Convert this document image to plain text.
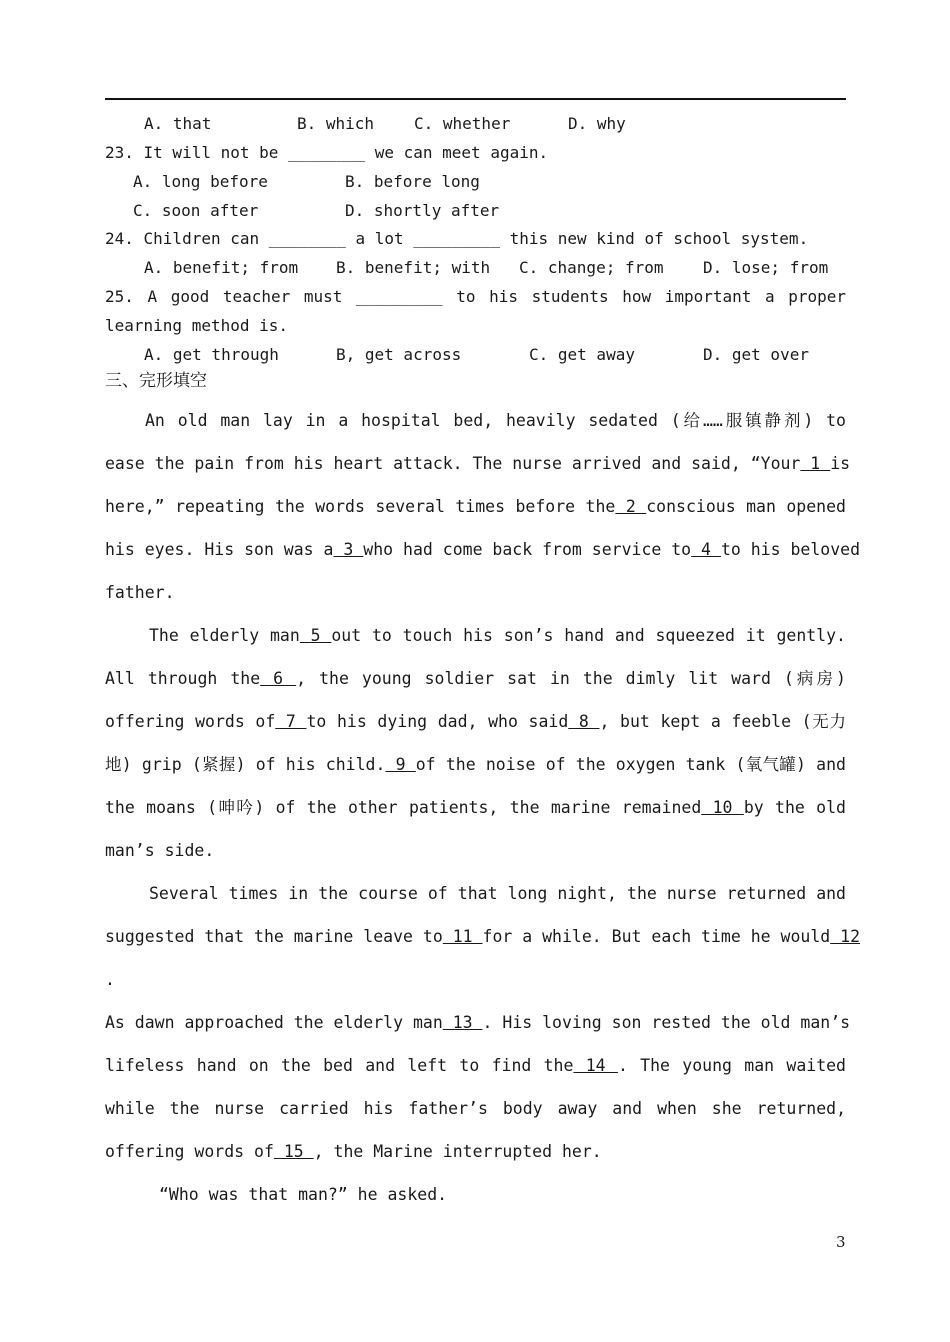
A. that	B. which C. whether	D. why
23. It will not be ________ we can meet again.
A. long before	B. before long
C. soon after	D. shortly after
24. Children can ________ a lot _________ this new kind of school system.
A. benefit; from B. benefit; with C. change; from D. lose; from
25. A good teacher must _________ to his students how important a proper
learning method is.
A. get through	B, get across	C. get away	D. get over
三、完形填空
An old man lay in a hospital bed, heavily sedated (给……服镇静剂) to
ease the pain from his heart attack. The nurse arrived and said, “Your 1 is
here,” repeating the words several times before the 2 conscious man opened
his eyes. His son was a 3 who had come back from service to 4 to his beloved
father.
The elderly man 5 out to touch his son’s hand and squeezed it gently.
All through the 6 , the young soldier sat in the dimly lit ward (病房)
offering words of 7 to his dying dad, who said 8 , but kept a feeble (无力
地) grip (紧握) of his child. 9 of the noise of the oxygen tank (氧气罐) and
the moans (呻吟) of the other patients, the marine remained 10 by the old
man’s side.
Several times in the course of that long night, the nurse returned and
suggested that the marine leave to 11 for a while. But each time he would 12
.
As dawn approached the elderly man 13 . His loving son rested the old man’s
lifeless hand on the bed and left to find the 14 . The young man waited
while the nurse carried his father’s body away and when she returned,
offering words of 15 , the Marine interrupted her.
“Who was that man?” he asked.
3
